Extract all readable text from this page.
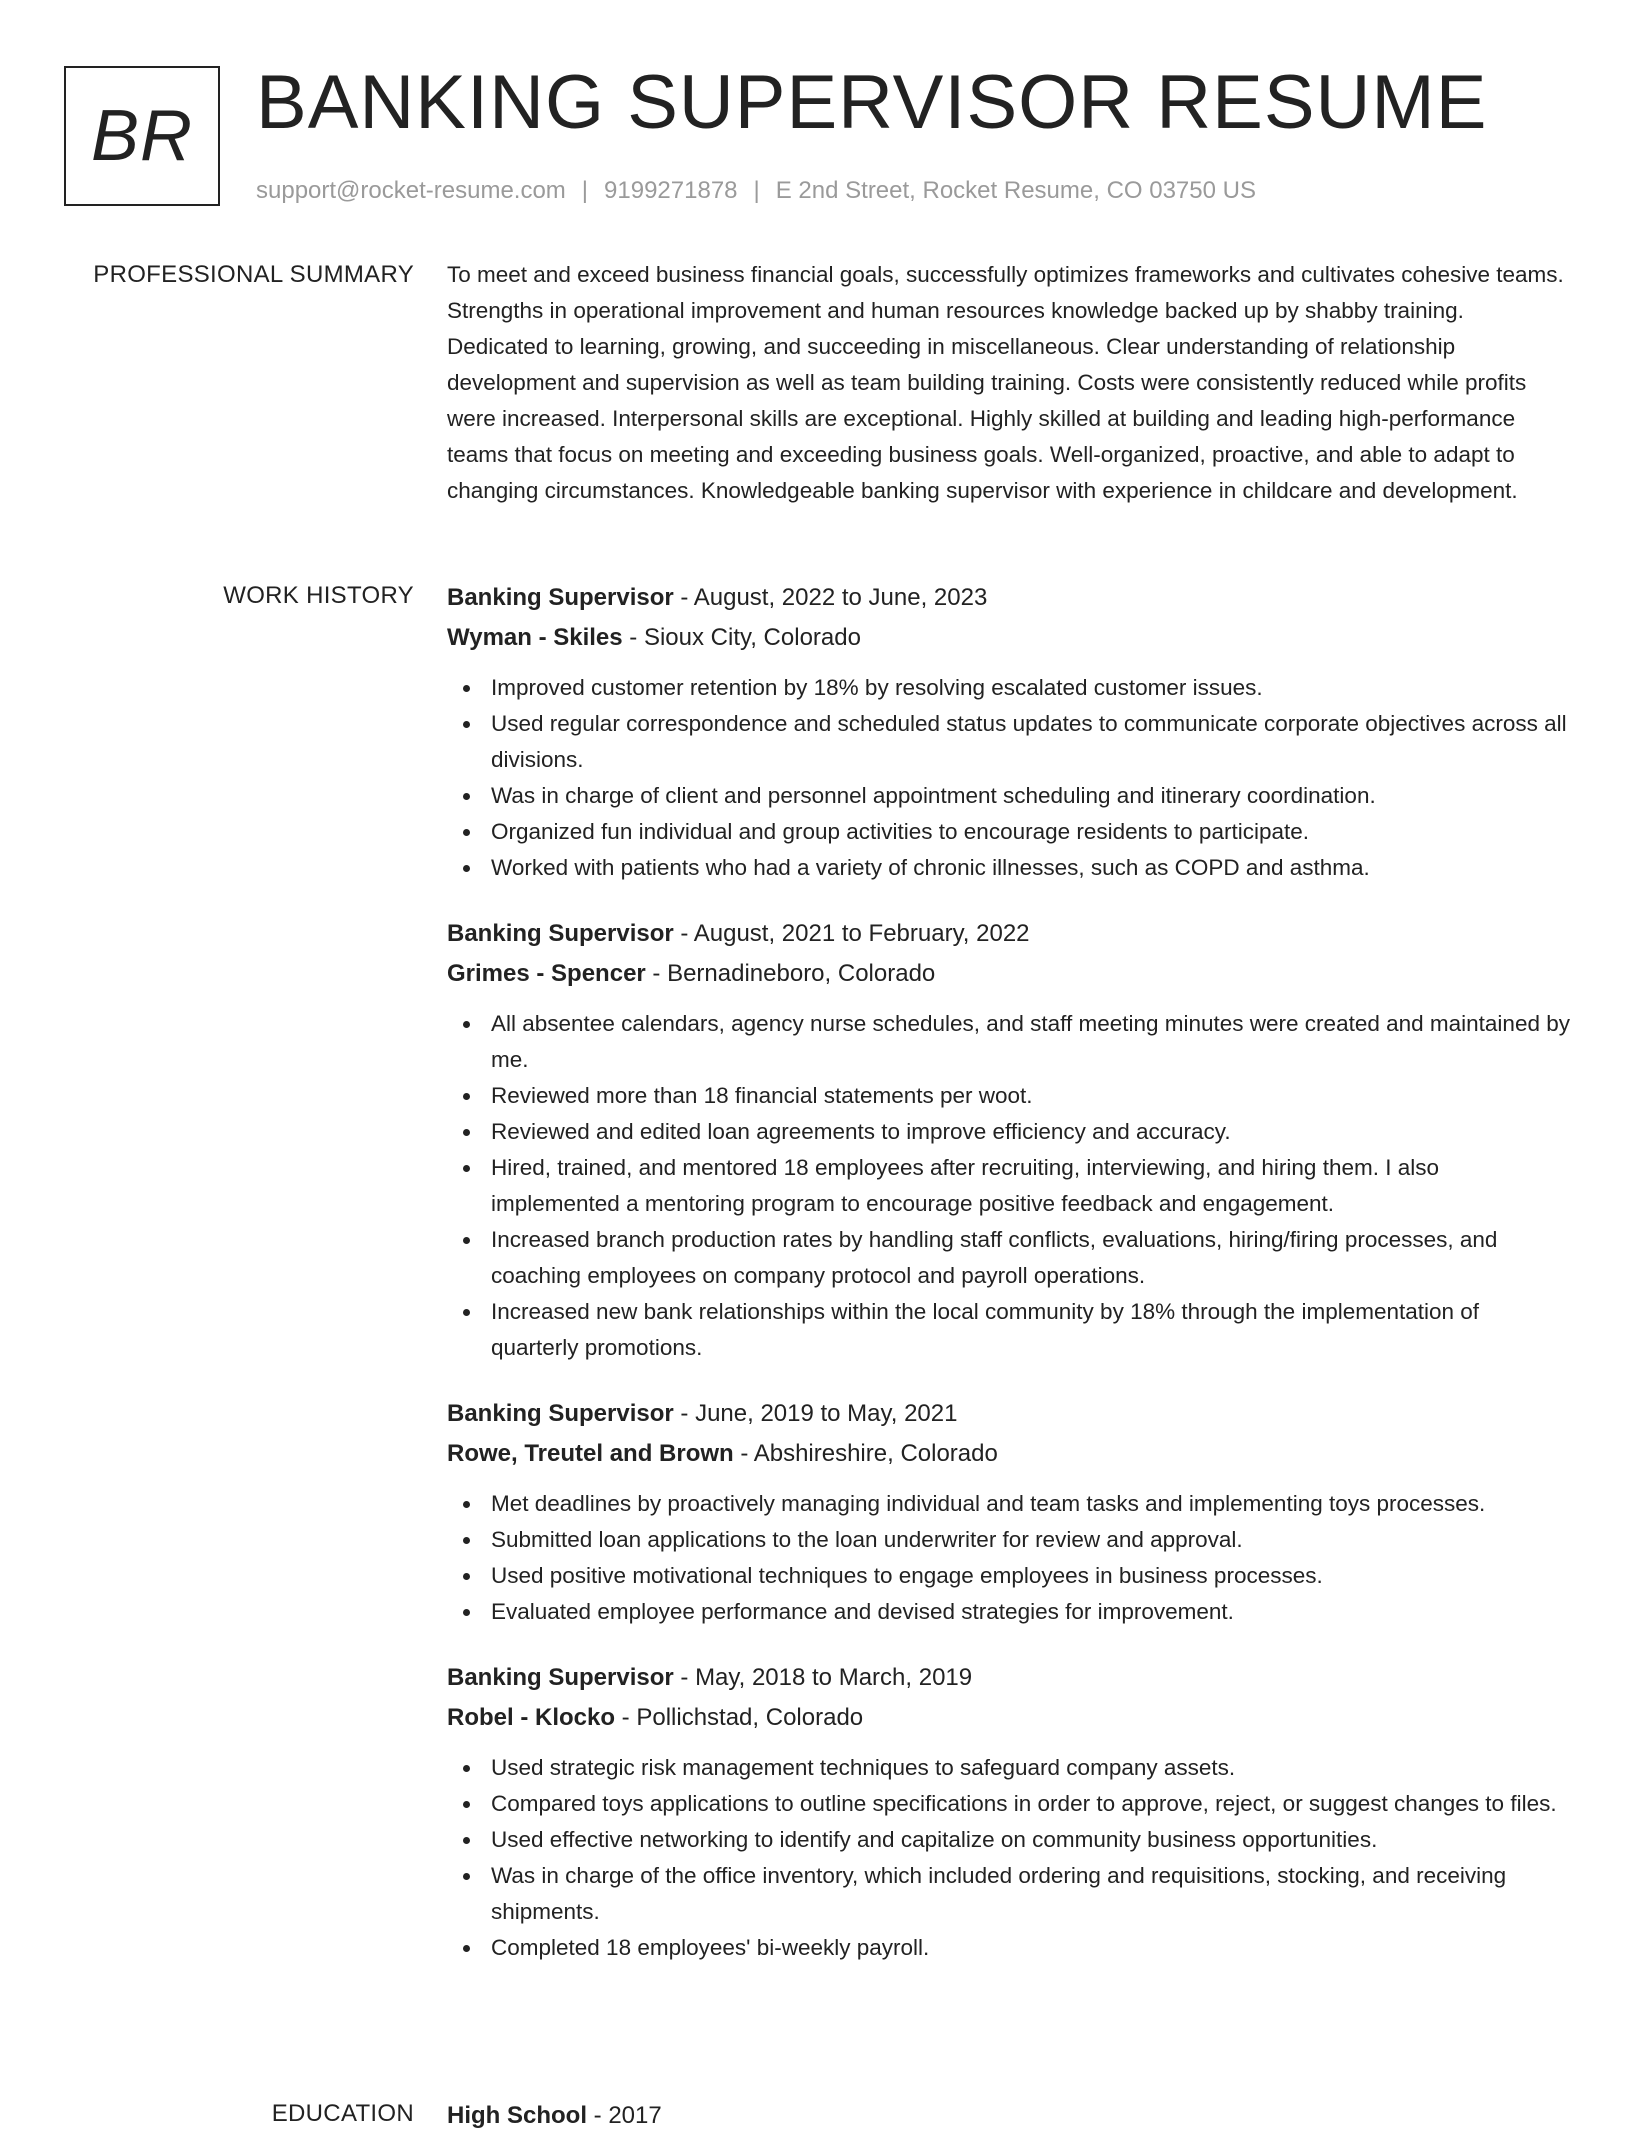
BR BANKING SUPERVISOR RESUME
support@rocket-resume.com | 9199271878 | E 2nd Street, Rocket Resume, CO 03750 US
PROFESSIONAL SUMMARY To meet and exceed business financial goals, successfully optimizes frameworks and cultivates cohesive teams. Strengths in operational improvement and human resources knowledge backed up by shabby training. Dedicated to learning, growing, and succeeding in miscellaneous. Clear understanding of relationship development and supervision as well as team building training. Costs were consistently reduced while profits were increased. Interpersonal skills are exceptional. Highly skilled at building and leading high-performance teams that focus on meeting and exceeding business goals. Well-organized, proactive, and able to adapt to changing circumstances. Knowledgeable banking supervisor with experience in childcare and development.

WORK HISTORY Banking Supervisor - August, 2022 to June, 2023
Wyman - Skiles - Sioux City, Colorado
Improved customer retention by 18% by resolving escalated customer issues.
Used regular correspondence and scheduled status updates to communicate corporate objectives across all divisions.
Was in charge of client and personnel appointment scheduling and itinerary coordination.
Organized fun individual and group activities to encourage residents to participate.
Worked with patients who had a variety of chronic illnesses, such as COPD and asthma.
Banking Supervisor - August, 2021 to February, 2022
Grimes - Spencer - Bernadineboro, Colorado
All absentee calendars, agency nurse schedules, and staff meeting minutes were created and maintained by me.
Reviewed more than 18 financial statements per woot.
Reviewed and edited loan agreements to improve efficiency and accuracy.
Hired, trained, and mentored 18 employees after recruiting, interviewing, and hiring them. I also implemented a mentoring program to encourage positive feedback and engagement.
Increased branch production rates by handling staff conflicts, evaluations, hiring/firing processes, and coaching employees on company protocol and payroll operations.
Increased new bank relationships within the local community by 18% through the implementation of quarterly promotions.
Banking Supervisor - June, 2019 to May, 2021
Rowe, Treutel and Brown - Abshireshire, Colorado
Met deadlines by proactively managing individual and team tasks and implementing toys processes.
Submitted loan applications to the loan underwriter for review and approval.
Used positive motivational techniques to engage employees in business processes.
Evaluated employee performance and devised strategies for improvement.
Banking Supervisor - May, 2018 to March, 2019
Robel - Klocko - Pollichstad, Colorado
Used strategic risk management techniques to safeguard company assets.
Compared toys applications to outline specifications in order to approve, reject, or suggest changes to files.
Used effective networking to identify and capitalize on community business opportunities.
Was in charge of the office inventory, which included ordering and requisitions, stocking, and receiving shipments.
Completed 18 employees' bi-weekly payroll.
EDUCATION High School - 2017
